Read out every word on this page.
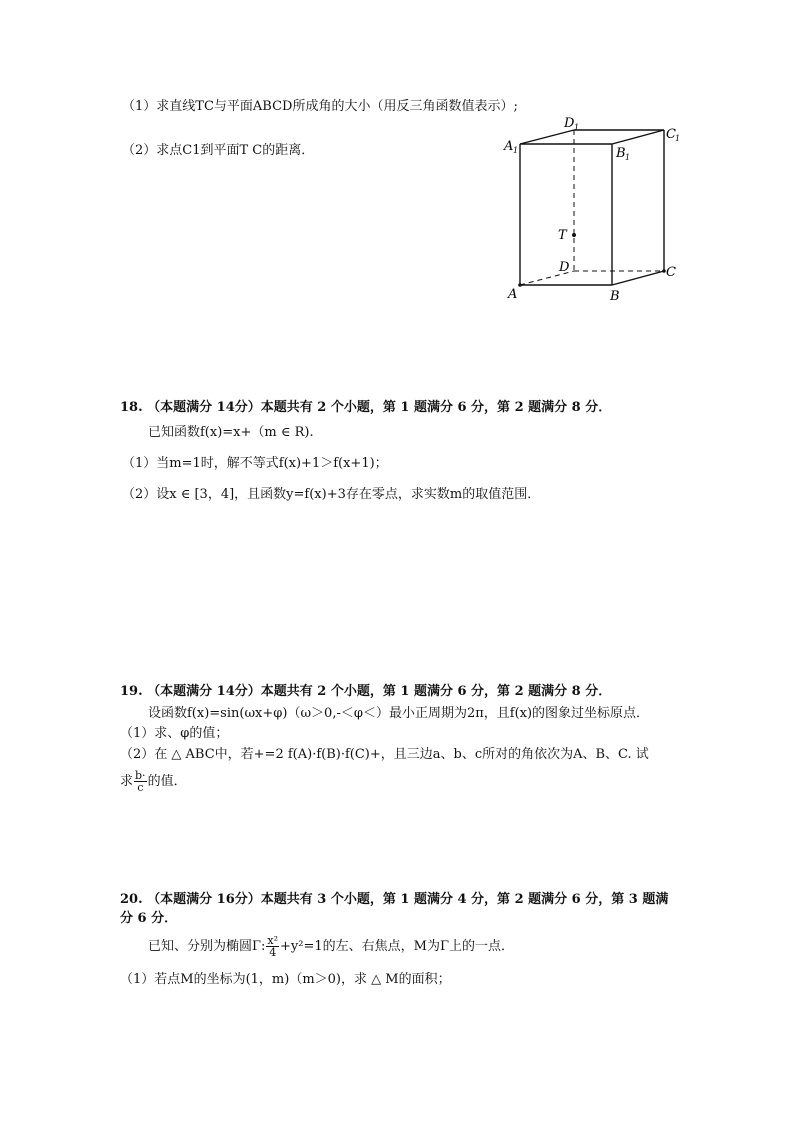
（1）求直线TC与平面ABCD所成角的大小（用反三角函数值表示）;
（2）求点C1到平面T C的距离．	A 1
D 1	C 1
B 1
T
D
A	B
C
18. （本题满分 14分）本题共有 2 个小题，第 1 题满分 6 分，第 2 题满分 8 分．
已知函数f(x)=x+（m ∈ R).
（1）当m=1时，解不等式f(x)+1＞f(x+1)；
（2）设x ∈ [3，4]，且函数y=f(x)+3存在零点，求实数m的取值范围．
19. （本题满分 14分）本题共有 2 个小题，第 1 题满分 6 分，第 2 题满分 8 分．
设函数f(x)=sin(ωx+φ)（ω＞0,-＜φ＜）最小正周期为2π，且f(x)的图象过坐标原点．
（1）求、φ的值；
（2）在 △ ABC中，若+=2 f(A)·f(B)·f(C)+，且三边a、b、c所对的角依次为A、B、C. 试
求 $\frac{b\cdot}{c}$ 的值．
20. （本题满分 16分）本题共有 3 个小题，第 1 题满分 4 分，第 2 题满分 6 分，第 3 题满
分 6 分．
已知、分别为椭圆Γ: $\frac{\text{x²}}{4} +y^2=1$的左、右焦点，M为Γ上的一点．
（1）若点M的坐标为(1，m)（m＞0)，求 △ M的面积；
